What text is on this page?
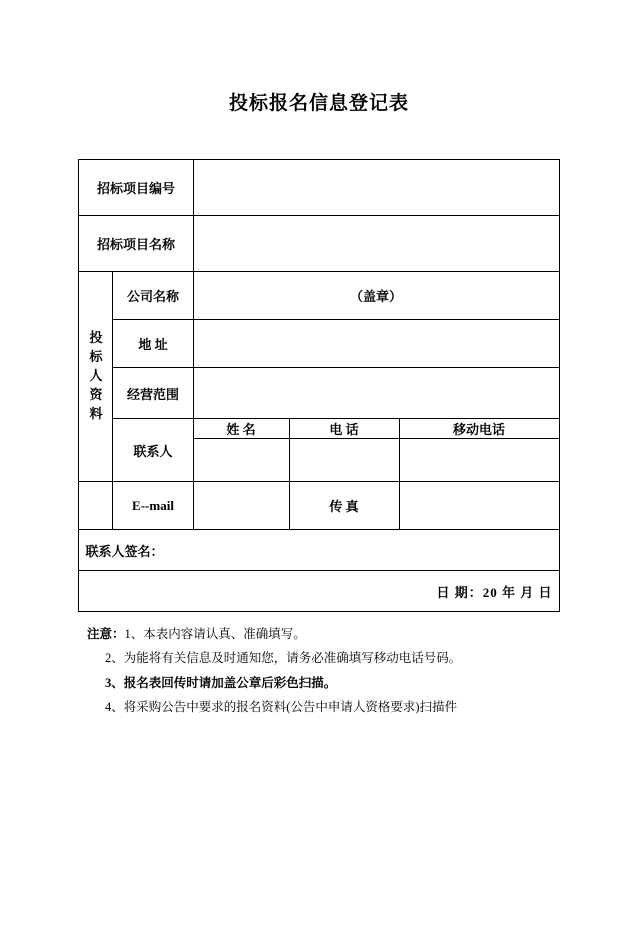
投标报名信息登记表
招标项目编号				
招标项目名称				

投
标
人
资
料	公司名称	（盖章）		
	地 址			
	经营范围			
	联系人	姓 名	电 话	移动电话

	E--mail		传 真	
联系人签名：				
日 期：20 年 月 日				
注意：1、本表内容请认真、准确填写。
2、为能将有关信息及时通知您，请务必准确填写移动电话号码。
3、报名表回传时请加盖公章后彩色扫描。
4、将采购公告中要求的报名资料(公告中申请人资格要求)扫描件
